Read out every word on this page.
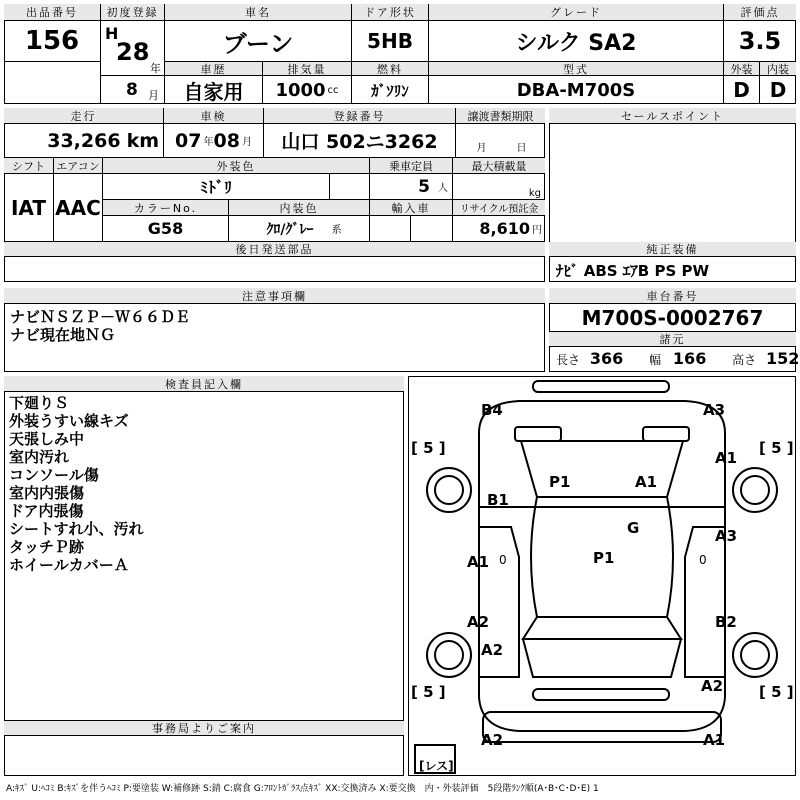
出品番号
156
初度登録
H
28
年
8 月
車名
ブーン
ドア形状
5HB
グレード
シルク SA2
評価点
3.5
車歴	排気量	燃料	型式	外装	内装
自家用	1000 cc	ｶﾞｿﾘﾝ	DBA-M700S	D D
走行	車検	登録番号	譲渡書類期限
33,266 km 07 年 08 月	山口 502ニ3262	月	日
シフト	エアコン	外装色	乗車定員	最大積載量
IAT AAC
ﾐﾄﾞﾘ	5 人	kg
カラーNo.	内装色	輸入車	リサイクル預託金
G58	ｸﾛ/ｸﾞﾚｰ 系	8,610 円
後日発送部品
セールスポイント
純正装備
ﾅﾋﾞ ABS ｴｱB PS PW
注意事項欄
ナビＮＳＺＰ－Ｗ６６ＤＥ
ナビ現在地ＮＧ
車台番号
M700S-0002767
諸元
長さ 366 幅 166 高さ 152
検査員記入欄
下廻りＳ
外装うすい線キズ
天張しみ中
室内汚れ
コンソール傷
室内内張傷
ドア内張傷
シートすれ小、汚れ
タッチＰ跡
ホイールカバーＡ
事務局よりご案内
[ 5 ]	[ 5 ]
[ 5 ]	[ 5 ]
[レス]
B4	A3
A1
P1	A1
B1
G	A3
P1
A1 0	0
A2	B2
A2
A2
A2	A1
A:ｷｽﾞ U:ﾍｺﾐ B:ｷｽﾞを伴うﾍｺﾐ P:要塗装 W:補修跡 S:錆 C:腐食 G:ﾌﾛﾝﾄｶﾞﾗｽ点ｷｽﾞ XX:交換済み X:要交換　内・外装評価　5段階ﾗﾝｸ順(A･B･C･D･E) 1
